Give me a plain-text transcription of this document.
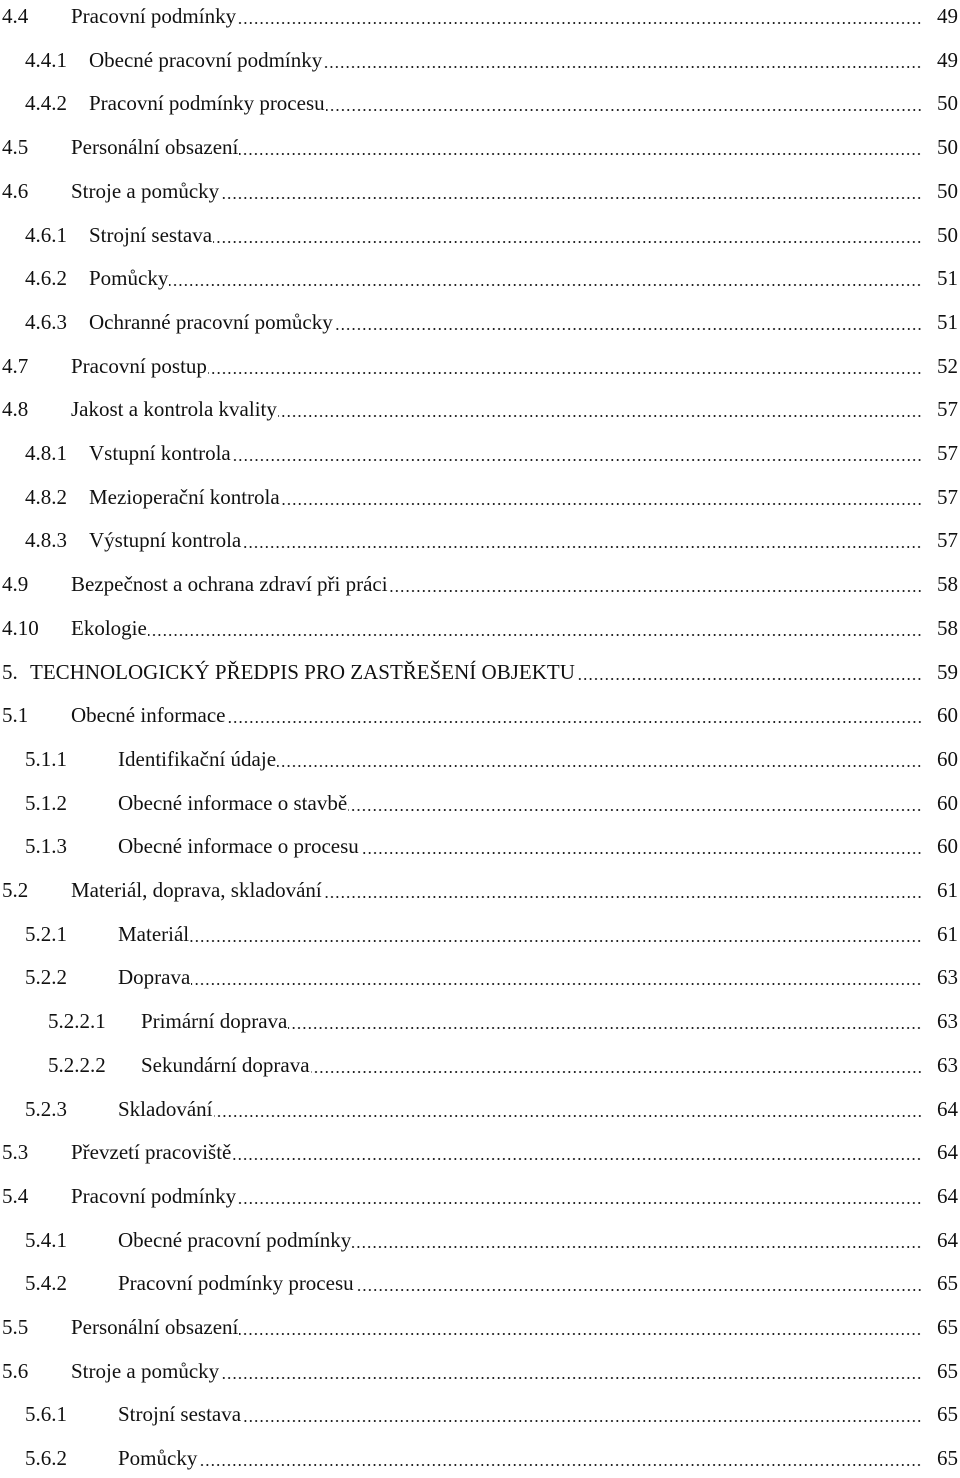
4.4 Pracovní podmínky	49
4.4.1 Obecné pracovní podmínky	49
4.4.2 Pracovní podmínky procesu	50
4.5 Personální obsazení	50
4.6 Stroje a pomůcky	50
4.6.1 Strojní sestava	50
4.6.2 Pomůcky	51
4.6.3 Ochranné pracovní pomůcky	51
4.7 Pracovní postup	52
4.8 Jakost a kontrola kvality	57
4.8.1 Vstupní kontrola	57
4.8.2 Mezioperační kontrola	57
4.8.3 Výstupní kontrola	57
4.9 Bezpečnost a ochrana zdraví při práci	58
4.10 Ekologie	58
5. TECHNOLOGICKÝ PŘEDPIS PRO ZASTŘEŠENÍ OBJEKTU	59
5.1 Obecné informace	60
5.1.1 Identifikační údaje	60
5.1.2 Obecné informace o stavbě	60
5.1.3 Obecné informace o procesu	60
5.2 Materiál, doprava, skladování	61
5.2.1 Materiál	61
5.2.2 Doprava	63
5.2.2.1 Primární doprava	63
5.2.2.2 Sekundární doprava	63
5.2.3 Skladování	64
5.3 Převzetí pracoviště	64
5.4 Pracovní podmínky	64
5.4.1 Obecné pracovní podmínky	64
5.4.2 Pracovní podmínky procesu	65
5.5 Personální obsazení	65
5.6 Stroje a pomůcky	65
5.6.1 Strojní sestava	65
5.6.2 Pomůcky	65
